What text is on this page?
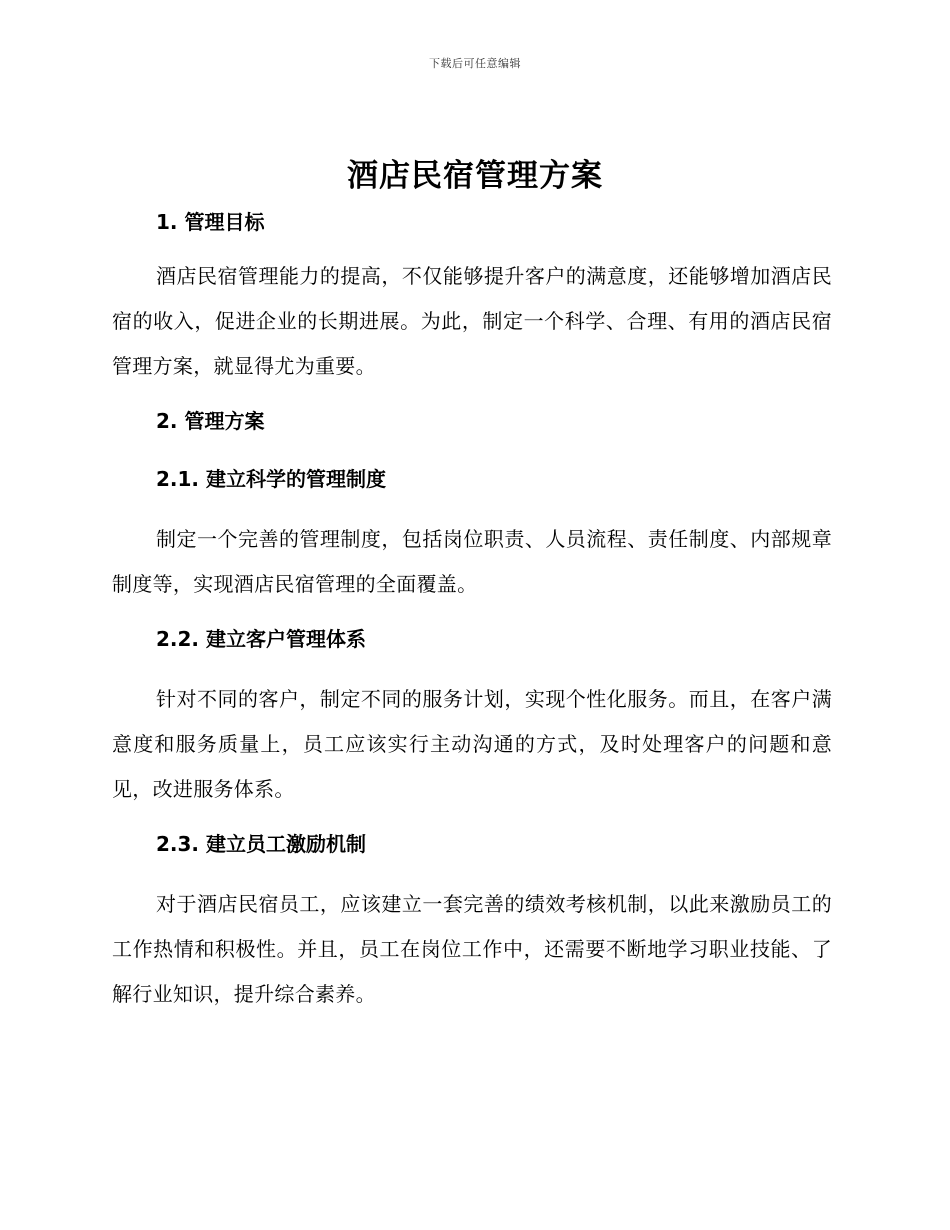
下载后可任意编辑
酒店民宿管理方案
1. 管理目标

酒店民宿管理能力的提高，不仅能够提升客户的满意度，还能够增加酒店民宿的收入，促进企业的长期进展。为此，制定一个科学、合理、有用的酒店民宿管理方案，就显得尤为重要。

2. 管理方案
2.1. 建立科学的管理制度

制定一个完善的管理制度，包括岗位职责、人员流程、责任制度、内部规章制度等，实现酒店民宿管理的全面覆盖。

2.2. 建立客户管理体系

针对不同的客户，制定不同的服务计划，实现个性化服务。而且，在客户满意度和服务质量上，员工应该实行主动沟通的方式，及时处理客户的问题和意见，改进服务体系。

2.3. 建立员工激励机制

对于酒店民宿员工，应该建立一套完善的绩效考核机制，以此来激励员工的工作热情和积极性。并且，员工在岗位工作中，还需要不断地学习职业技能、了解行业知识，提升综合素养。
